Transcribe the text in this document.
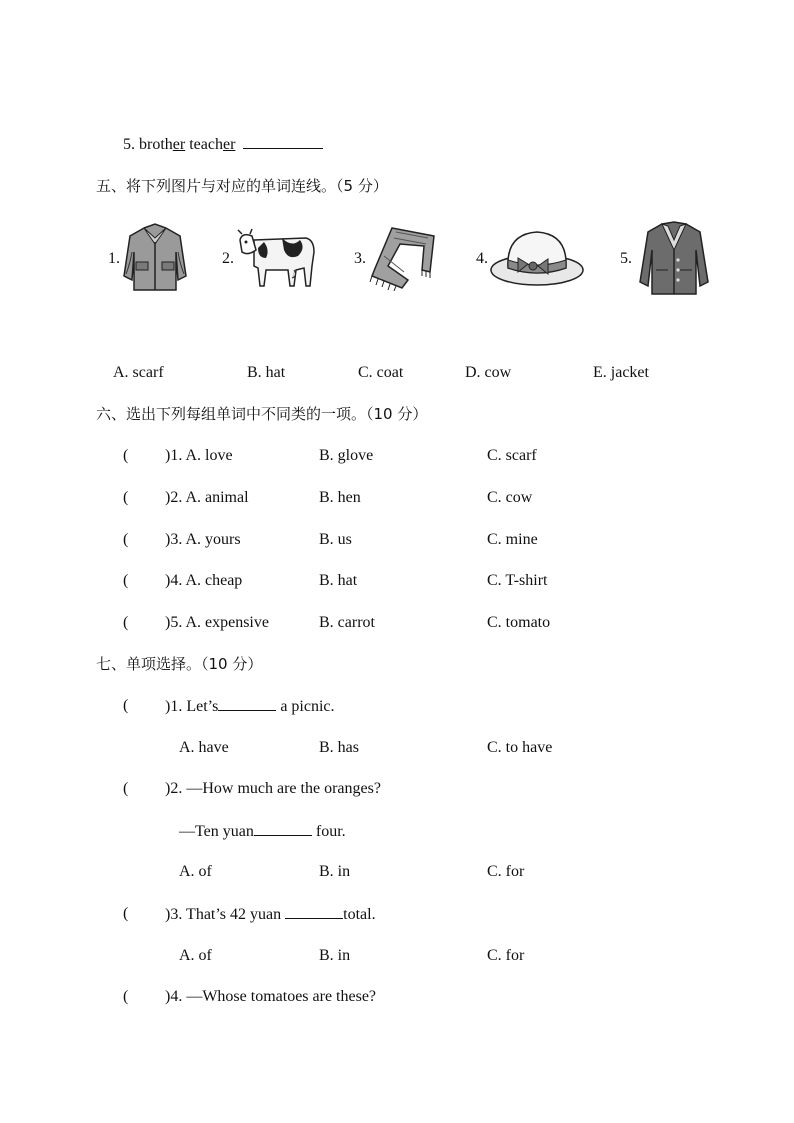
5. brother teacher
五、将下列图片与对应的单词连线。（5 分）
1.	2.	3.	4.	5.
A. scarf	B. hat	C. coat	D. cow	E. jacket
六、选出下列每组单词中不同类的一项。（10 分）
( )1. A. love	B. glove	C. scarf
( )2. A. animal	B. hen	C. cow
( )3. A. yours	B. us	C. mine
( )4. A. cheap	B. hat	C. T-shirt
( )5. A. expensive	B. carrot	C. tomato
七、单项选择。（10 分）
( )1. Let’s	a picnic.
A. have	B. has	C. to have
( )2. —How much are the oranges?
—Ten yuan	four.
A. of	B. in	C. for
( )3. That’s 42 yuan	total.
A. of	B. in	C. for
( )4. —Whose tomatoes are these?
